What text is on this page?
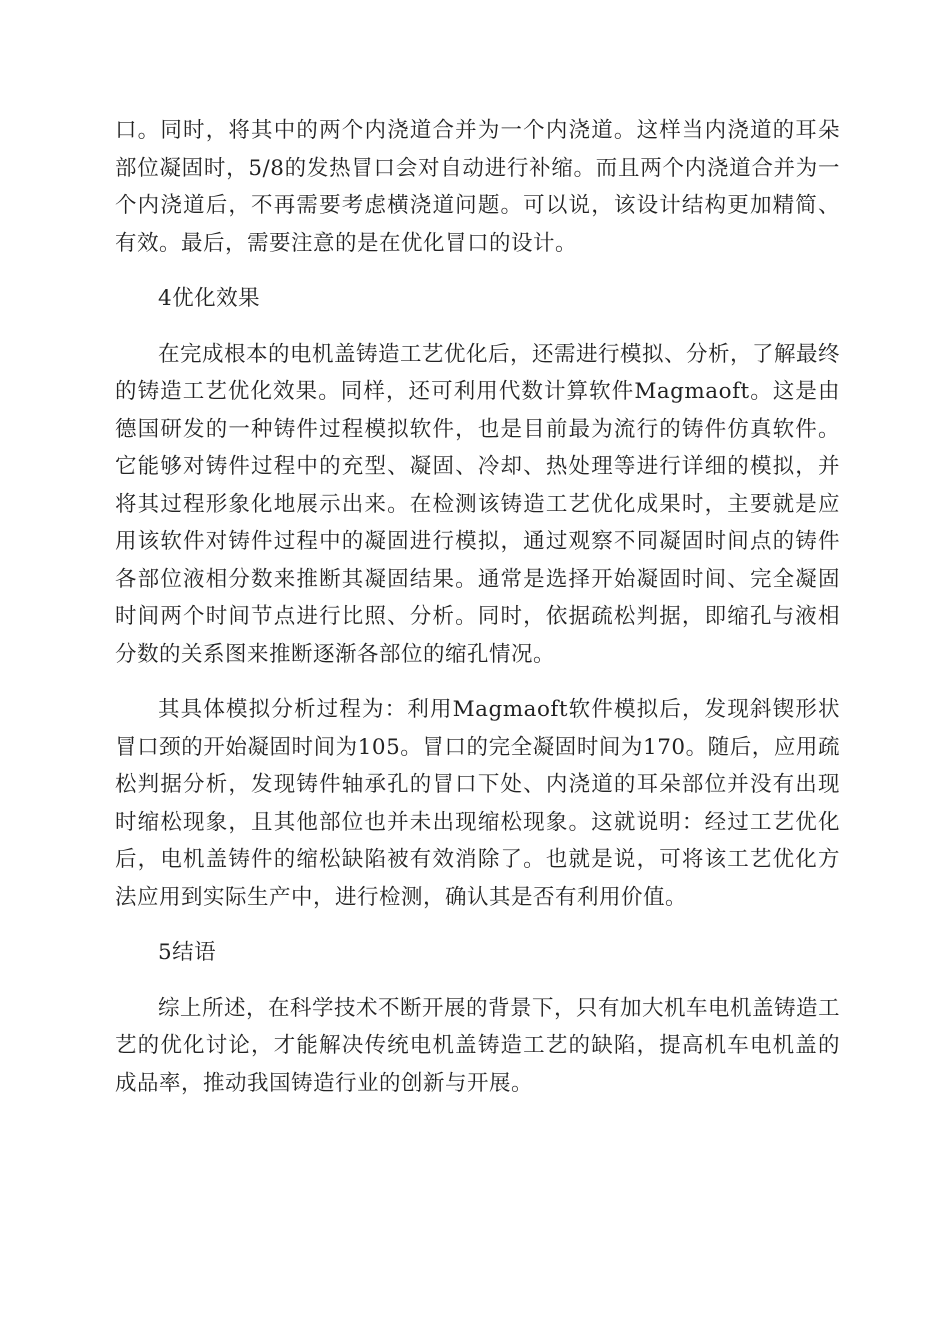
口。同时，将其中的两个内浇道合并为一个内浇道。这样当内浇道的耳朵部位凝固时，5/8的发热冒口会对自动进行补缩。而且两个内浇道合并为一个内浇道后，不再需要考虑横浇道问题。可以说，该设计结构更加精简、有效。最后，需要注意的是在优化冒口的设计。

4优化效果

在完成根本的电机盖铸造工艺优化后，还需进行模拟、分析，了解最终的铸造工艺优化效果。同样，还可利用代数计算软件Magmaoft。这是由德国研发的一种铸件过程模拟软件，也是目前最为流行的铸件仿真软件。它能够对铸件过程中的充型、凝固、冷却、热处理等进行详细的模拟，并将其过程形象化地展示出来。在检测该铸造工艺优化成果时，主要就是应用该软件对铸件过程中的凝固进行模拟，通过观察不同凝固时间点的铸件各部位液相分数来推断其凝固结果。通常是选择开始凝固时间、完全凝固时间两个时间节点进行比照、分析。同时，依据疏松判据，即缩孔与液相分数的关系图来推断逐渐各部位的缩孔情况。

其具体模拟分析过程为：利用Magmaoft软件模拟后，发现斜锲形状冒口颈的开始凝固时间为105。冒口的完全凝固时间为170。随后，应用疏松判据分析，发现铸件轴承孔的冒口下处、内浇道的耳朵部位并没有出现时缩松现象，且其他部位也并未出现缩松现象。这就说明：经过工艺优化后，电机盖铸件的缩松缺陷被有效消除了。也就是说，可将该工艺优化方法应用到实际生产中，进行检测，确认其是否有利用价值。

5结语

综上所述，在科学技术不断开展的背景下，只有加大机车电机盖铸造工艺的优化讨论，才能解决传统电机盖铸造工艺的缺陷，提高机车电机盖的成品率，推动我国铸造行业的创新与开展。
